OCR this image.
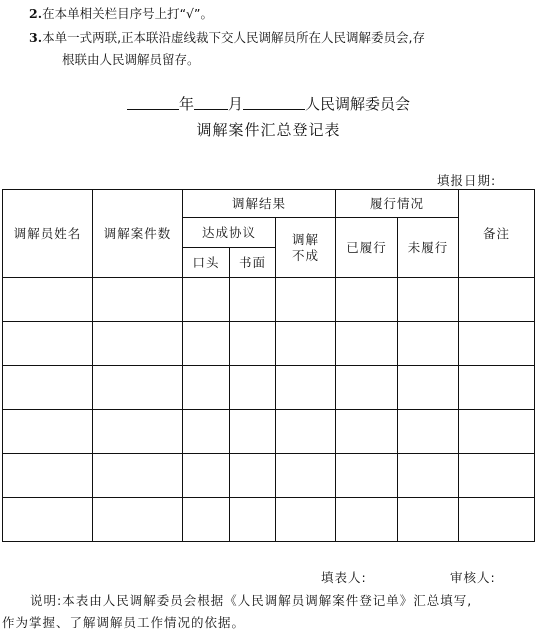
2.在本单相关栏目序号上打“√”。
3.本单一式两联,正本联沿虚线裁下交人民调解员所在人民调解委员会,存
根联由人民调解员留存。
年 月	人民调解委员会
调解案件汇总登记表
填报日期:
调解员姓名	调解案件数	调解结果			履行情况		备注
		达成协议		调解不成	已履行	未履行	
		口头	书面				

填表人:	审核人:
说明:本表由人民调解委员会根据《人民调解员调解案件登记单》汇总填写,
作为掌握、了解调解员工作情况的依据。
